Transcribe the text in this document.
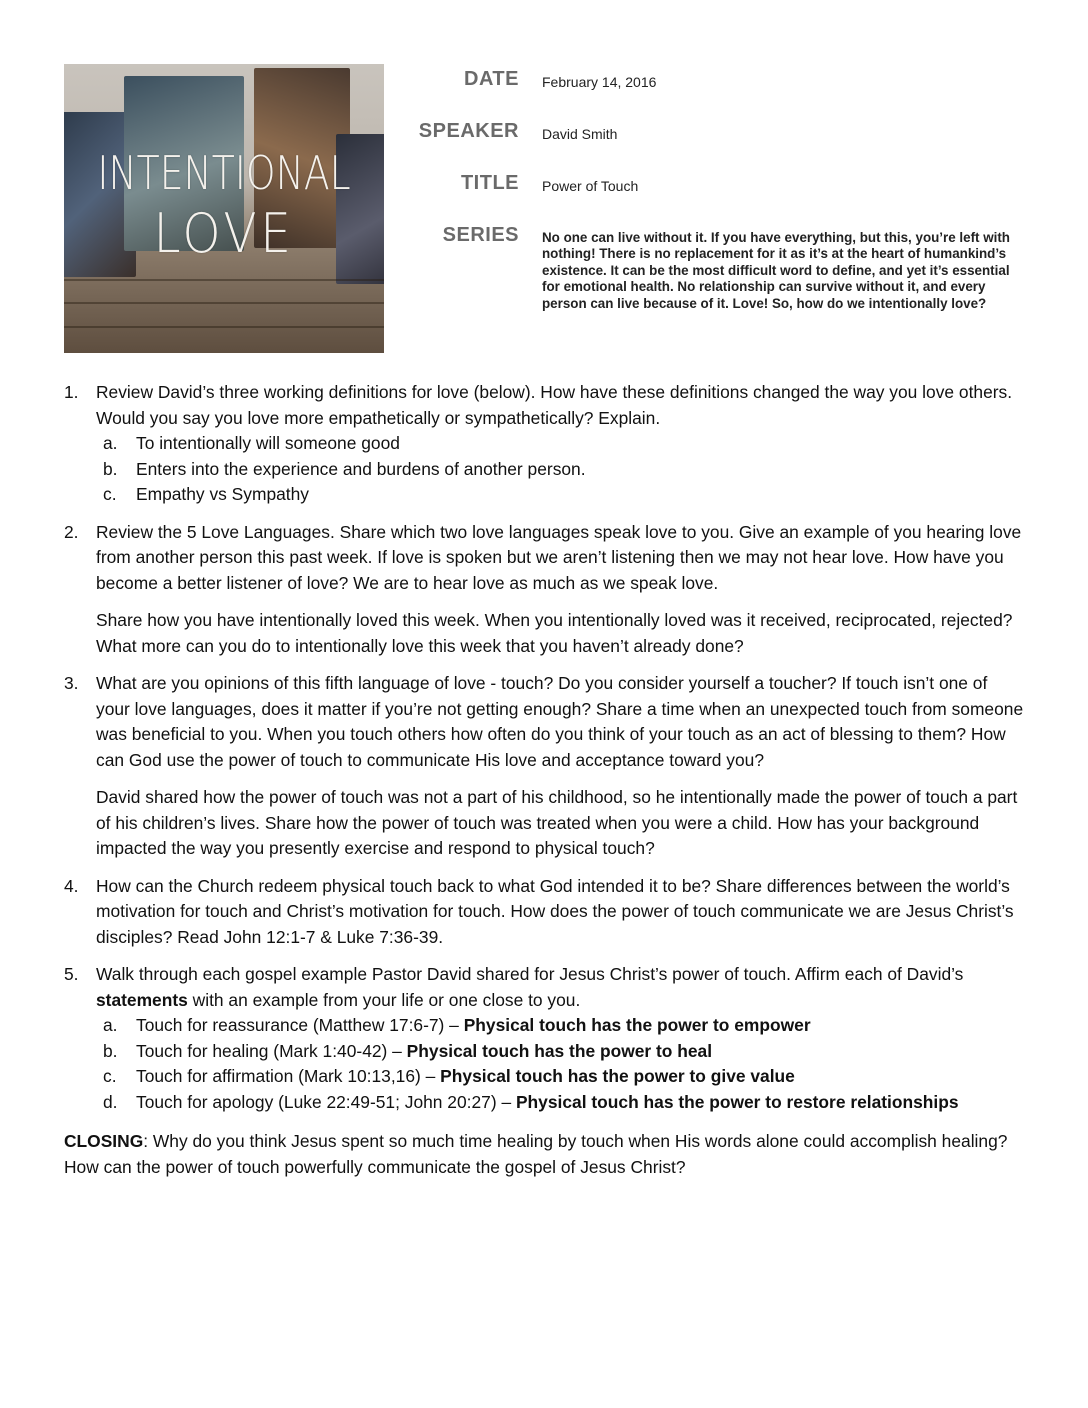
INTENTIONAL
LOVE
DATE February 14, 2016
SPEAKER David Smith
TITLE Power of Touch
SERIES No one can live without it. If you have everything, but this, you’re left with nothing! There is no replacement for it as it’s at the heart of humankind’s existence. It can be the most difficult word to define, and yet it’s essential for emotional health. No relationship can survive without it, and every person can live because of it. Love! So, how do we intentionally love?
1. Review David’s three working definitions for love (below). How have these definitions changed the way you love others. Would you say you love more empathetically or sympathetically? Explain.

a. To intentionally will someone good
b. Enters into the experience and burdens of another person.
c. Empathy vs Sympathy
2. Review the 5 Love Languages. Share which two love languages speak love to you. Give an example of you hearing love from another person this past week. If love is spoken but we aren’t listening then we may not hear love. How have you become a better listener of love? We are to hear love as much as we speak love.

Share how you have intentionally loved this week. When you intentionally loved was it received, reciprocated, rejected? What more can you do to intentionally love this week that you haven’t already done?

3. What are you opinions of this fifth language of love - touch? Do you consider yourself a toucher? If touch isn’t one of your love languages, does it matter if you’re not getting enough? Share a time when an unexpected touch from someone was beneficial to you. When you touch others how often do you think of your touch as an act of blessing to them? How can God use the power of touch to communicate His love and acceptance toward you?

David shared how the power of touch was not a part of his childhood, so he intentionally made the power of touch a part of his children’s lives. Share how the power of touch was treated when you were a child. How has your background impacted the way you presently exercise and respond to physical touch?

4. How can the Church redeem physical touch back to what God intended it to be? Share differences between the world’s motivation for touch and Christ’s motivation for touch. How does the power of touch communicate we are Jesus Christ’s disciples? Read John 12:1-7 & Luke 7:36-39.

5. Walk through each gospel example Pastor David shared for Jesus Christ’s power of touch. Affirm each of David’s statements with an example from your life or one close to you.

a. Touch for reassurance (Matthew 17:6-7) – Physical touch has the power to empower
b. Touch for healing (Mark 1:40-42) – Physical touch has the power to heal
c. Touch for affirmation (Mark 10:13,16) – Physical touch has the power to give value
d. Touch for apology (Luke 22:49-51; John 20:27) – Physical touch has the power to restore relationships

CLOSING: Why do you think Jesus spent so much time healing by touch when His words alone could accomplish healing? How can the power of touch powerfully communicate the gospel of Jesus Christ?
